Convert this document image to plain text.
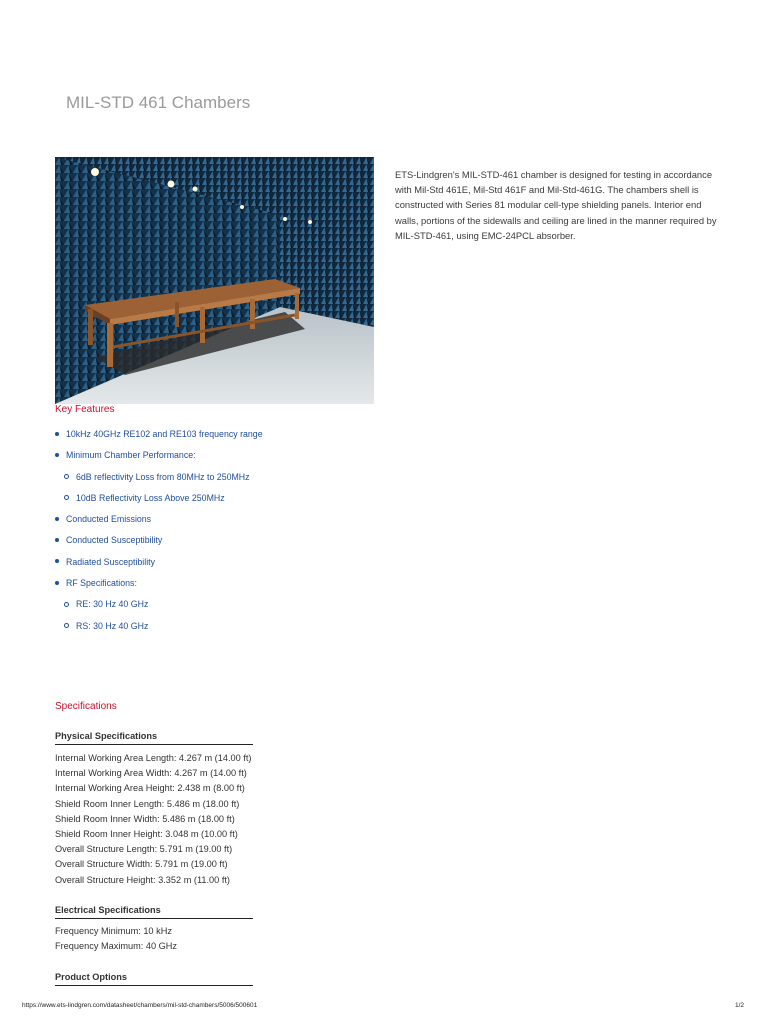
MIL-STD 461 Chambers

ETS-Lindgren's MIL-STD-461 chamber is designed for testing in accordance with Mil-Std 461E, Mil-Std 461F and Mil-Std-461G. The chambers shell is constructed with Series 81 modular cell-type shielding panels. Interior end walls, portions of the sidewalls and ceiling are lined in the manner required by MIL-STD-461, using EMC-24PCL absorber.

Key Features
10kHz 40GHz RE102 and RE103 frequency range
Minimum Chamber Performance:
6dB reflectivity Loss from 80MHz to 250MHz
10dB Reflectivity Loss Above 250MHz
Conducted Emissions
Conducted Susceptibility
Radiated Susceptibility
RF Specifications:
RE: 30 Hz 40 GHz
RS: 30 Hz 40 GHz
Specifications
Physical Specifications
Internal Working Area Length: 4.267 m (14.00 ft)
Internal Working Area Width: 4.267 m (14.00 ft)
Internal Working Area Height: 2.438 m (8.00 ft)
Shield Room Inner Length: 5.486 m (18.00 ft)
Shield Room Inner Width: 5.486 m (18.00 ft)
Shield Room Inner Height: 3.048 m (10.00 ft)
Overall Structure Length: 5.791 m (19.00 ft)
Overall Structure Width: 5.791 m (19.00 ft)
Overall Structure Height: 3.352 m (11.00 ft)
Electrical Specifications
Frequency Minimum: 10 kHz
Frequency Maximum: 40 GHz
Product Options
https://www.ets-lindgren.com/datasheet/chambers/mil-std-chambers/5006/500601	1/2
